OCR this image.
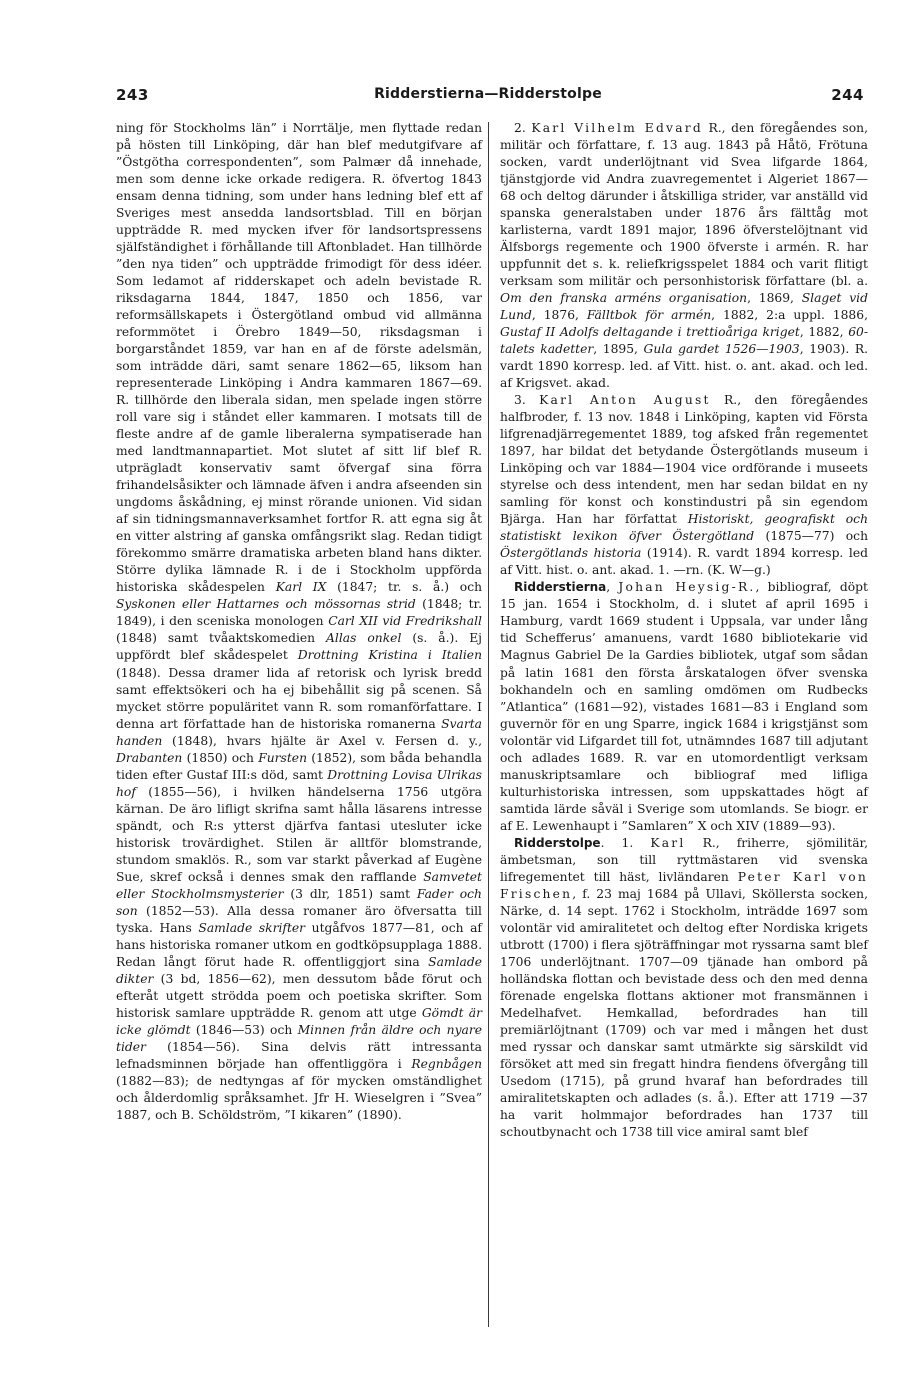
243	Ridderstierna—Ridderstolpe	244

ning för Stockholms län” i Norrtälje, men flyttade redan på hösten till Linköping, där han blef medutgifvare af ”Östgötha correspondenten”, som Palmær då innehade, men som denne icke orkade redigera. R. öfvertog 1843 ensam denna tidning, som under hans ledning blef ett af Sveriges mest ansedda landsortsblad. Till en början uppträdde R. med mycken ifver för landsortspressens själfständighet i förhållande till Aftonbladet. Han tillhörde ”den nya tiden” och uppträdde frimodigt för dess idéer. Som ledamot af ridderskapet och adeln bevistade R. riksdagarna 1844, 1847, 1850 och 1856, var reformsällskapets i Östergötland ombud vid allmänna reformmötet i Örebro 1849—50, riksdagsman i borgarståndet 1859, var han en af de förste adelsmän, som inträdde däri, samt senare 1862—65, liksom han representerade Linköping i Andra kammaren 1867—69. R. tillhörde den liberala sidan, men spelade ingen större roll vare sig i ståndet eller kammaren. I motsats till de fleste andre af de gamle liberalerna sympatiserade han med landtmannapartiet. Mot slutet af sitt lif blef R. utprägladt konservativ samt öfvergaf sina förra frihandelsåsikter och lämnade äfven i andra afseenden sin ungdoms åskådning, ej minst rörande unionen. Vid sidan af sin tidningsmannaverksamhet fortfor R. att egna sig åt en vitter alstring af ganska omfångsrikt slag. Redan tidigt förekommo smärre dramatiska arbeten bland hans dikter. Större dylika lämnade R. i de i Stockholm uppförda historiska skådespelen Karl IX (1847; tr. s. å.) och Syskonen eller Hattarnes och mössornas strid (1848; tr. 1849), i den sceniska monologen Carl XII vid Fredrikshall (1848) samt tvåaktskomedien Allas onkel (s. å.). Ej uppfördt blef skådespelet Drottning Kristina i Italien (1848). Dessa dramer lida af retorisk och lyrisk bredd samt effektsökeri och ha ej bibehållit sig på scenen. Så mycket större populäritet vann R. som romanförfattare. I denna art författade han de historiska romanerna Svarta handen (1848), hvars hjälte är Axel v. Fersen d. y., Drabanten (1850) och Fursten (1852), som båda behandla tiden efter Gustaf III:s död, samt Drottning Lovisa Ulrikas hof (1855—56), i hvilken händelserna 1756 utgöra kärnan. De äro lifligt skrifna samt hålla läsarens intresse spändt, och R:s ytterst djärfva fantasi utesluter icke historisk trovärdighet. Stilen är alltför blomstrande, stundom smaklös. R., som var starkt påverkad af Eugène Sue, skref också i dennes smak den rafflande Samvetet eller Stockholmsmysterier (3 dlr, 1851) samt Fader och son (1852—53). Alla dessa romaner äro öfversatta till tyska. Hans Samlade skrifter utgåfvos 1877—81, och af hans historiska romaner utkom en godtköpsupplaga 1888. Redan långt förut hade R. offentliggjort sina Samlade dikter (3 bd, 1856—62), men dessutom både förut och efteråt utgett strödda poem och poetiska skrifter. Som historisk samlare uppträdde R. genom att utge Gömdt är icke glömdt (1846—53) och Minnen från äldre och nyare tider (1854—56). Sina delvis rätt intressanta lefnadsminnen började han offentliggöra i Regnbågen (1882—83); de nedtyngas af för mycken omständlighet och ålderdomlig språksamhet. Jfr H. Wieselgren i ”Svea” 1887, och B. Schöldström, ”I kikaren” (1890).

2. Karl Vilhelm Edvard R., den föregåendes son, militär och författare, f. 13 aug. 1843 på Håtö, Frötuna socken, vardt underlöjtnant vid Svea lifgarde 1864, tjänstgjorde vid Andra zuavregementet i Algeriet 1867—68 och deltog därunder i åtskilliga strider, var anställd vid spanska generalstaben under 1876 års fälttåg mot karlisterna, vardt 1891 major, 1896 öfverstelöjtnant vid Älfsborgs regemente och 1900 öfverste i armén. R. har uppfunnit det s. k. reliefkrigsspelet 1884 och varit flitigt verksam som militär och personhistorisk författare (bl. a. Om den franska arméns organisation, 1869, Slaget vid Lund, 1876, Fälltbok för armén, 1882, 2:a uppl. 1886, Gustaf II Adolfs deltagande i trettioåriga kriget, 1882, 60-talets kadetter, 1895, Gula gardet 1526—1903, 1903). R. vardt 1890 korresp. led. af Vitt. hist. o. ant. akad. och led. af Krigsvet. akad.

3. Karl Anton August R., den föregåendes halfbroder, f. 13 nov. 1848 i Linköping, kapten vid Första lifgrenadjärregementet 1889, tog afsked från regementet 1897, har bildat det betydande Östergötlands museum i Linköping och var 1884—1904 vice ordförande i museets styrelse och dess intendent, men har sedan bildat en ny samling för konst och konstindustri på sin egendom Bjärga. Han har författat Historiskt, geografiskt och statistiskt lexikon öfver Östergötland (1875—77) och Östergötlands historia (1914). R. vardt 1894 korresp. led af Vitt. hist. o. ant. akad. 1. —rn. (K. W—g.)

Ridderstierna, Johan Heysig-R., bibliograf, döpt 15 jan. 1654 i Stockholm, d. i slutet af april 1695 i Hamburg, vardt 1669 student i Uppsala, var under lång tid Schefferus’ amanuens, vardt 1680 bibliotekarie vid Magnus Gabriel De la Gardies bibliotek, utgaf som sådan på latin 1681 den första årskatalogen öfver svenska bokhandeln och en samling omdömen om Rudbecks ”Atlantica” (1681—92), vistades 1681—83 i England som guvernör för en ung Sparre, ingick 1684 i krigstjänst som volontär vid Lifgardet till fot, utnämndes 1687 till adjutant och adlades 1689. R. var en utomordentligt verksam manuskriptsamlare och bibliograf med lifliga kulturhistoriska intressen, som uppskattades högt af samtida lärde såväl i Sverige som utomlands. Se biogr. er af E. Lewenhaupt i ”Samlaren” X och XIV (1889—93).

Ridderstolpe. 1. Karl R., friherre, sjömilitär, ämbetsman, son till ryttmästaren vid svenska lifregementet till häst, livländaren Peter Karl von Frischen, f. 23 maj 1684 på Ullavi, Sköllersta socken, Närke, d. 14 sept. 1762 i Stockholm, inträdde 1697 som volontär vid amiralitetet och deltog efter Nordiska krigets utbrott (1700) i flera sjöträffningar mot ryssarna samt blef 1706 underlöjtnant. 1707—09 tjänade han ombord på holländska flottan och bevistade dess och den med denna förenade engelska flottans aktioner mot fransmännen i Medelhafvet. Hemkallad, befordrades han till premiärlöjtnant (1709) och var med i mången het dust med ryssar och danskar samt utmärkte sig särskildt vid försöket att med sin fregatt hindra fiendens öfvergång till Usedom (1715), på grund hvaraf han befordrades till amiralitetskapten och adlades (s. å.). Efter att 1719 —37 ha varit holmmajor befordrades han 1737 till schoutbynacht och 1738 till vice amiral samt blef
